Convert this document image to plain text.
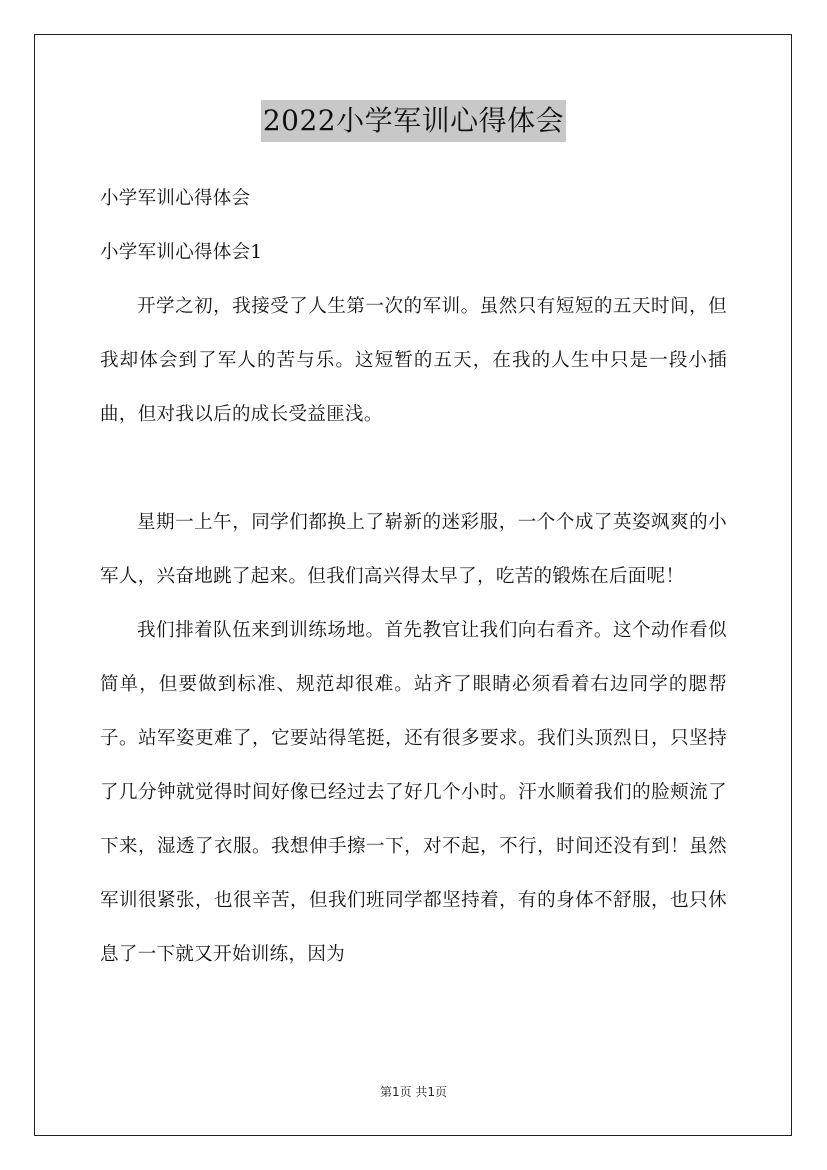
2022小学军训心得体会
小学军训心得体会
小学军训心得体会1

开学之初，我接受了人生第一次的军训。虽然只有短短的五天时间，但我却体会到了军人的苦与乐。这短暂的五天，在我的人生中只是一段小插曲，但对我以后的成长受益匪浅。

星期一上午，同学们都换上了崭新的迷彩服，一个个成了英姿飒爽的小军人，兴奋地跳了起来。但我们高兴得太早了，吃苦的锻炼在后面呢！

我们排着队伍来到训练场地。首先教官让我们向右看齐。这个动作看似简单，但要做到标准、规范却很难。站齐了眼睛必须看着右边同学的腮帮子。站军姿更难了，它要站得笔挺，还有很多要求。我们头顶烈日，只坚持了几分钟就觉得时间好像已经过去了好几个小时。汗水顺着我们的脸颊流了下来，湿透了衣服。我想伸手擦一下，对不起，不行，时间还没有到！虽然军训很紧张，也很辛苦，但我们班同学都坚持着，有的身体不舒服，也只休息了一下就又开始训练，因为

第1页 共1页
